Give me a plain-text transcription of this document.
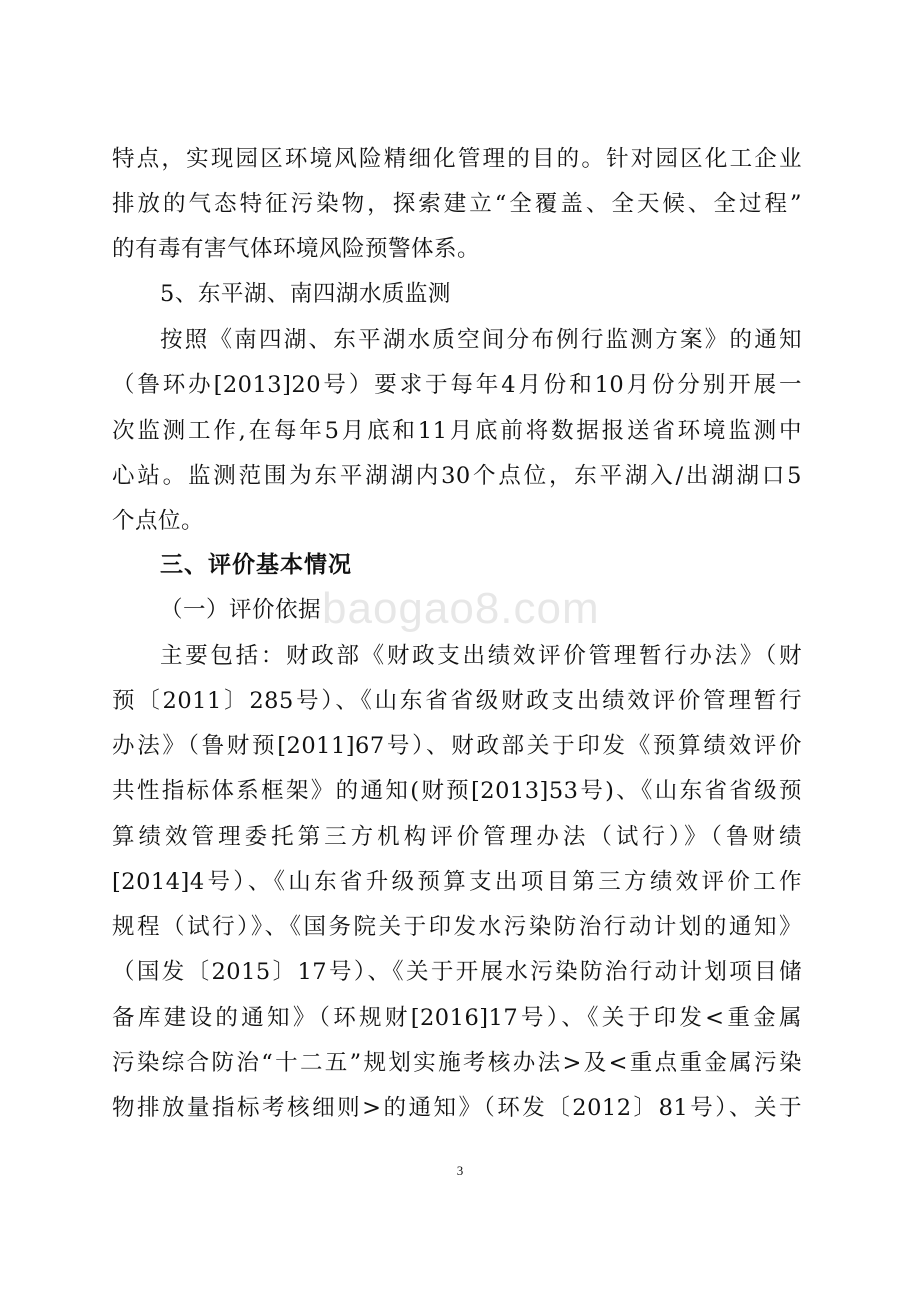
特点，实现园区环境风险精细化管理的目的。针对园区化工企业
排放的气态特征污染物，探索建立“全覆盖、全天候、全过程”
的有毒有害气体环境风险预警体系。
5、东平湖、南四湖水质监测
按照《南四湖、东平湖水质空间分布例行监测方案》的通知
（鲁环办[2013]20号）要求于每年4月份和10月份分别开展一
次监测工作,在每年5月底和11月底前将数据报送省环境监测中
心站。监测范围为东平湖湖内30个点位，东平湖入/出湖湖口5
个点位。
三、评价基本情况
（一）评价依据 baogao8.com
主要包括：财政部《财政支出绩效评价管理暂行办法》（财
预〔2011〕285号）、《山东省省级财政支出绩效评价管理暂行
办法》（鲁财预[2011]67号）、财政部关于印发《预算绩效评价
共性指标体系框架》的通知(财预[2013]53号)、《山东省省级预
算绩效管理委托第三方机构评价管理办法（试行）》（鲁财绩
[2014]4号）、《山东省升级预算支出项目第三方绩效评价工作
规程（试行）》、《国务院关于印发水污染防治行动计划的通知》
（国发〔2015〕17号）、《关于开展水污染防治行动计划项目储
备库建设的通知》（环规财[2016]17号）、《关于印发<重金属
污染综合防治“十二五”规划实施考核办法>及<重点重金属污染
物排放量指标考核细则>的通知》（环发〔2012〕81号）、关于
3
